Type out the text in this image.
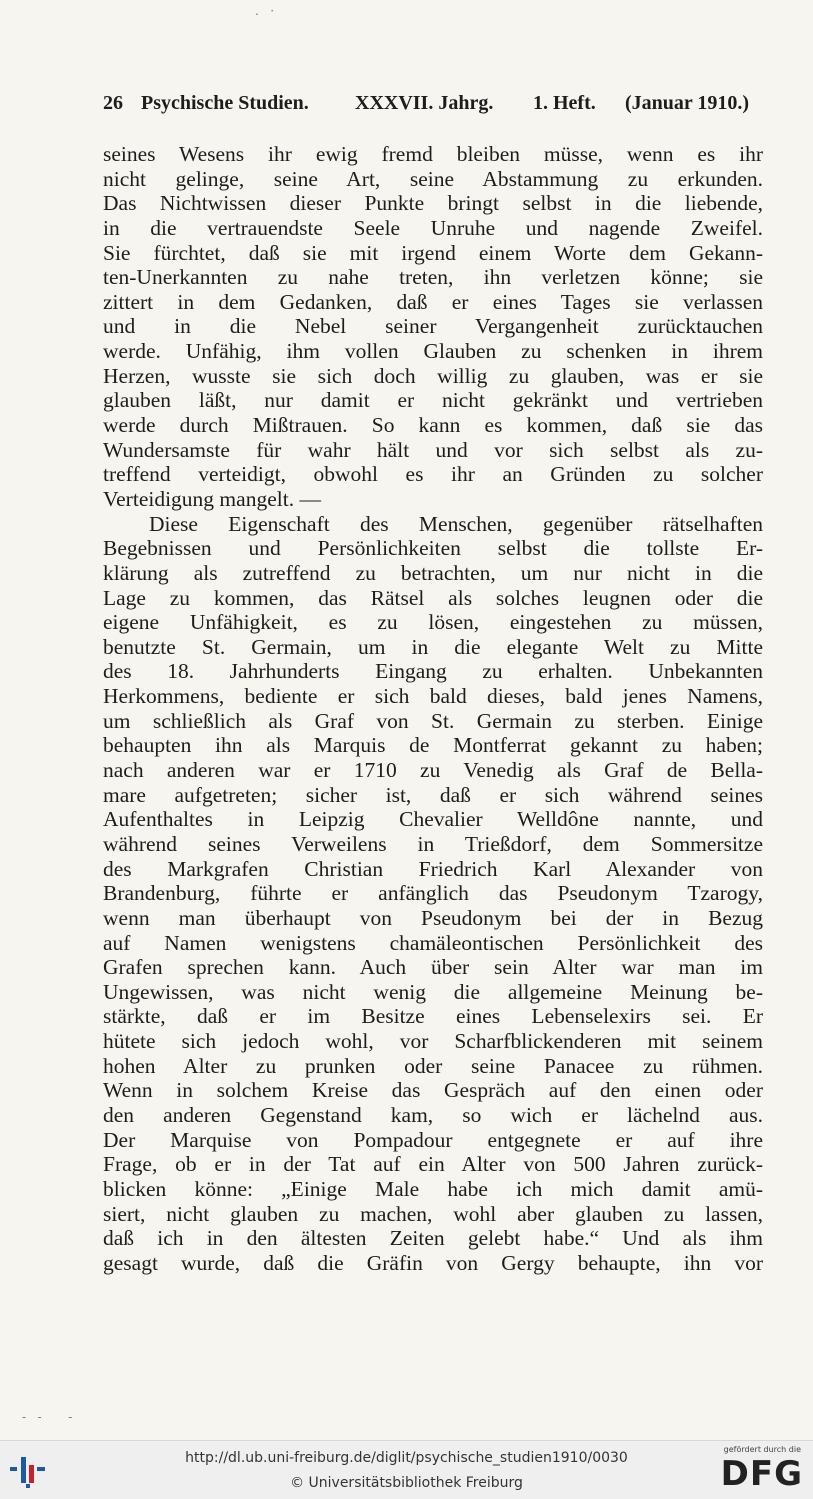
26 Psychische Studien. XXXVII. Jahrg. 1. Heft. (Januar 1910.)
seines Wesens ihr ewig fremd bleiben müsse, wenn es ihr
nicht gelinge, seine Art, seine Abstammung zu erkunden.
Das Nichtwissen dieser Punkte bringt selbst in die liebende,
in die vertrauendste Seele Unruhe und nagende Zweifel.
Sie fürchtet, daß sie mit irgend einem Worte dem Gekann-
ten-Unerkannten zu nahe treten, ihn verletzen könne; sie
zittert in dem Gedanken, daß er eines Tages sie verlassen
und in die Nebel seiner Vergangenheit zurücktauchen
werde. Unfähig, ihm vollen Glauben zu schenken in ihrem
Herzen, wusste sie sich doch willig zu glauben, was er sie
glauben läßt, nur damit er nicht gekränkt und vertrieben
werde durch Mißtrauen. So kann es kommen, daß sie das
Wundersamste für wahr hält und vor sich selbst als zu-
treffend verteidigt, obwohl es ihr an Gründen zu solcher
Verteidigung mangelt. —
Diese Eigenschaft des Menschen, gegenüber rätselhaften
Begebnissen und Persönlichkeiten selbst die tollste Er-
klärung als zutreffend zu betrachten, um nur nicht in die
Lage zu kommen, das Rätsel als solches leugnen oder die
eigene Unfähigkeit, es zu lösen, eingestehen zu müssen,
benutzte St. Germain, um in die elegante Welt zu Mitte
des 18. Jahrhunderts Eingang zu erhalten. Unbekannten
Herkommens, bediente er sich bald dieses, bald jenes Namens,
um schließlich als Graf von St. Germain zu sterben. Einige
behaupten ihn als Marquis de Montferrat gekannt zu haben;
nach anderen war er 1710 zu Venedig als Graf de Bella-
mare aufgetreten; sicher ist, daß er sich während seines
Aufenthaltes in Leipzig Chevalier Welldône nannte, und
während seines Verweilens in Trießdorf, dem Sommersitze
des Markgrafen Christian Friedrich Karl Alexander von
Brandenburg, führte er anfänglich das Pseudonym Tzarogy,
wenn man überhaupt von Pseudonym bei der in Bezug
auf Namen wenigstens chamäleontischen Persönlichkeit des
Grafen sprechen kann. Auch über sein Alter war man im
Ungewissen, was nicht wenig die allgemeine Meinung be-
stärkte, daß er im Besitze eines Lebenselexirs sei. Er
hütete sich jedoch wohl, vor Scharfblickenderen mit seinem
hohen Alter zu prunken oder seine Panacee zu rühmen.
Wenn in solchem Kreise das Gespräch auf den einen oder
den anderen Gegenstand kam, so wich er lächelnd aus.
Der Marquise von Pompadour entgegnete er auf ihre
Frage, ob er in der Tat auf ein Alter von 500 Jahren zurück-
blicken könne: „Einige Male habe ich mich damit amü-
siert, nicht glauben zu machen, wohl aber glauben zu lassen,
daß ich in den ältesten Zeiten gelebt habe.“ Und als ihm
gesagt wurde, daß die Gräfin von Gergy behaupte, ihn vor
.   ·
-   -       -
http://dl.ub.uni-freiburg.de/diglit/psychische_studien1910/0030
© Universitätsbibliothek Freiburg
gefördert durch die
DFG
